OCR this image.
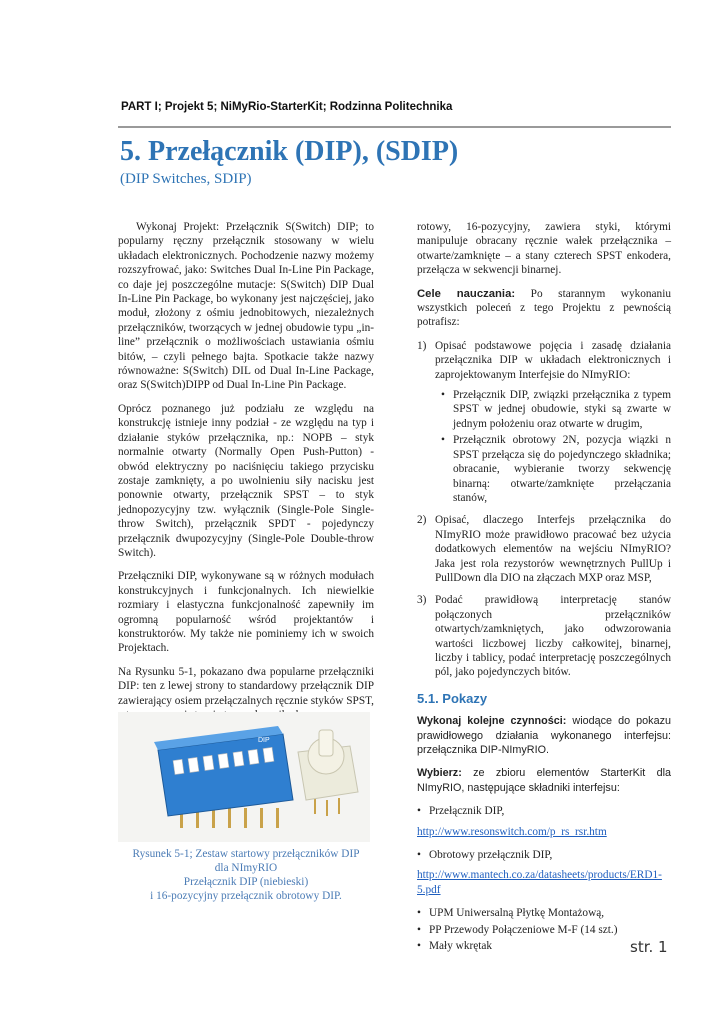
PART I; Projekt 5; NiMyRio-StarterKit; Rodzinna Politechnika
5. Przełącznik (DIP), (SDIP)
(DIP Switches, SDIP)

Wykonaj Projekt: Przełącznik S(Switch) DIP; to popularny ręczny przełącznik stosowany w wielu układach elektronicznych. Pochodzenie nazwy możemy rozszyfrować, jako: Switches Dual In-Line Pin Package, co daje jej poszczególne mutacje: S(Switch) DIP Dual In-Line Pin Package, bo wykonany jest najczęściej, jako moduł, złożony z ośmiu jednobitowych, niezależnych przełączników, tworzących w jednej obudowie typu „in-line” przełącznik o możliwościach ustawiania ośmiu bitów, – czyli pełnego bajta. Spotkacie także nazwy równoważne: S(Switch) DIL od Dual In-Line Package, oraz S(Switch)DIPP od Dual In-Line Pin Package.

Oprócz poznanego już podziału ze względu na konstrukcję istnieje inny podział - ze względu na typ i działanie styków przełącznika, np.: NOPB – styk normalnie otwarty (Normally Open Push-Putton) - obwód elektryczny po naciśnięciu takiego przycisku zostaje zamknięty, a po uwolnieniu siły nacisku jest ponownie otwarty, przełącznik SPST – to styk jednopozycyjny tzw. wyłącznik (Single-Pole Single-throw Switch), przełącznik SPDT - pojedynczy przełącznik dwupozycyjny (Single-Pole Double-throw Switch).

Przełączniki DIP, wykonywane są w różnych modułach konstrukcyjnych i funkcjonalnych. Ich niewielkie rozmiary i elastyczna funkcjonalność zapewniły im ogromną popularność wśród projektantów i konstruktorów. My także nie pominiemy ich w swoich Projektach.

Na Rysunku 5-1, pokazano dwa popularne przełączniki DIP: ten z lewej strony to standardowy przełącznik DIP zawierający osiem przełączalnych ręcznie styków SPST,

DIP
Rysunek 5-1; Zestaw startowy przełączników DIP
dla NImyRIO
Przełącznik DIP (niebieski)
i 16-pozycyjny przełącznik obrotowy DIP.

rotowy, 16-pozycyjny, zawiera styki, którymi manipuluje obracany ręcznie wałek przełącznika – otwarte/zamknięte – a stany czterech SPST enkodera, przełącza w sekwencji binarnej.

Cele nauczania: Po starannym wykonaniu wszystkich poleceń z tego Projektu z pewnością potrafisz:

1) Opisać podstawowe pojęcia i zasadę działania przełącznika DIP w układach elektronicznych i zaprojektowanym Interfejsie do NImyRIO:
• Przełącznik DIP, związki przełącznika z typem SPST w jednej obudowie, styki są zwarte w jednym położeniu oraz otwarte w drugim,
• Przełącznik obrotowy 2N, pozycja wiązki n SPST przełącza się do pojedynczego składnika; obracanie, wybieranie tworzy sekwencję binarną: otwarte/zamknięte przełączania stanów,
2) Opisać, dlaczego Interfejs przełącznika do NImyRIO może prawidłowo pracować bez użycia dodatkowych elementów na wejściu NImyRIO? Jaka jest rola rezystorów wewnętrznych PullUp i PullDown dla DIO na złączach MXP oraz MSP,
3) Podać prawidłową interpretację stanów połączonych przełączników otwartych/zamkniętych, jako odwzorowania wartości liczbowej liczby całkowitej, binarnej, liczby i tablicy, podać interpretację poszczególnych pól, jako pojedynczych bitów.
5.1. Pokazy

Wykonaj kolejne czynności: wiodące do pokazu prawidłowego działania wykonanego interfejsu: przełącznika DIP-NImyRIO.

Wybierz: ze zbioru elementów StarterKit dla NImyRIO, następujące składniki interfejsu:

• Przełącznik DIP,

http://www.resonswitch.com/p_rs_rsr.htm

• Obrotowy przełącznik DIP,

http://www.mantech.co.za/datasheets/products/ERD1-5.pdf

• UPM Uniwersalną Płytkę Montażową,
• PP Przewody Połączeniowe M-F (14 szt.)
• Mały wkrętak	str. 1
